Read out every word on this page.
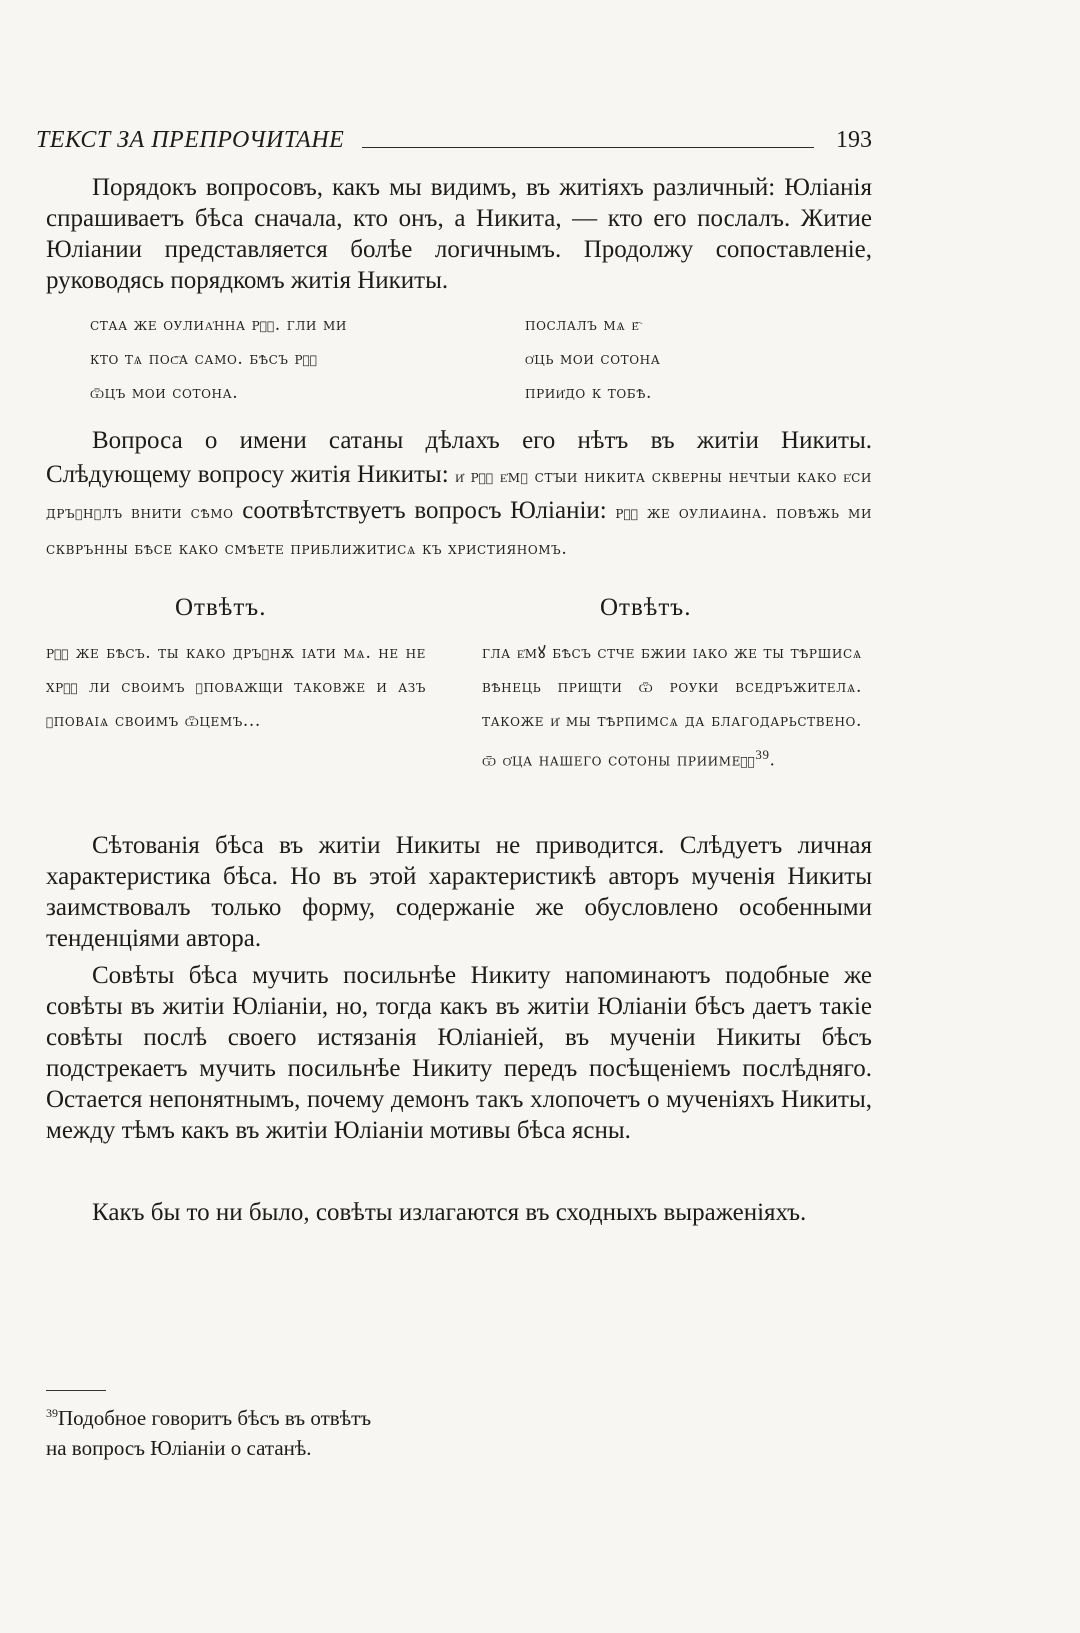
ТЕКСТ ЗА ПРЕПРОЧИТАНЕ	193

Порядокъ вопросовъ, какъ мы видимъ, въ житiяхъ различный: Юлiанiя спрашиваетъ бѣса сначала, кто онъ, а Никита, — кто его послалъ. Житие Юлiании представляется болѣе логичнымъ. Продолжу сопоставленiе, руководясь порядкомъ житiя Никиты.

стаа же оулиа҆нна рⷷ҇. гли ми
кто тѧ пос҇а само. бѣсъ рⷷ҇
ѿцъ мои сотона.
послалъ мѧ е҇
о҆ць мои сотона
прии҆до к тобѣ.

Вопроса о имени сатаны дѣлахъ его нѣтъ въ житiи Никиты. Слѣдующему вопросу житiя Никиты: и҆ рⷷ҇ е҆мꙋ стꙑи никита скверны нечтыи како е҆си дръꙁнꙋлъ внити сѣмо соотвѣтствуетъ вопросъ Юлiанiи: рⷷ҇ же оулиаина. повѣжь ми скврънны бѣсе како смѣете приближитисѧ къ християномъ.

Отвѣтъ.	Отвѣтъ.

рⷷ҇ же бѣсъ. ты како дръꙁнѫ ıати мѧ. не не хрⷨ҇ ли своимъ ꙋповажщи таковже и азъ ꙋповаıѧ своимъ ѿцемъ...

гла е҆мꙋ бѣсъ стче бжии ıако же ты тѣршисѧ вѣнець прищти ѿ роуки вседръжителѧ. такоже и҆ мы тѣрпимсѧ да благодарьствено. ѿ о҆ца нашего сотоны приимеⷨ҇$^{39}$.

Сѣтованiя бѣса въ житiи Никиты не приводится. Слѣдуетъ личная характеристика бѣса. Но въ этой характеристикѣ авторъ мученiя Никиты заимствовалъ только форму, содержанiе же обусловлено особенными тенденцiями автора.

Совѣты бѣса мучить посильнѣе Никиту напоминаютъ подобные же совѣты въ житiи Юлiанiи, но, тогда какъ въ житiи Юлiанiи бѣсъ даетъ такiе совѣты послѣ своего истязанiя Юлiанiей, въ мученiи Никиты бѣсъ подстрекаетъ мучить посильнѣе Никиту передъ посѣщенiемъ послѣдняго. Остается непонятнымъ, почему демонъ такъ хлопочетъ о мученiяхъ Никиты, между тѣмъ какъ въ житiи Юлiанiи мотивы бѣса ясны.

Какъ бы то ни было, совѣты излагаются въ сходныхъ выраженiяхъ.

$^{39}$Подобное говоритъ бѣсъ въ отвѣтъ
на вопросъ Юлiанiи о сатанѣ.
